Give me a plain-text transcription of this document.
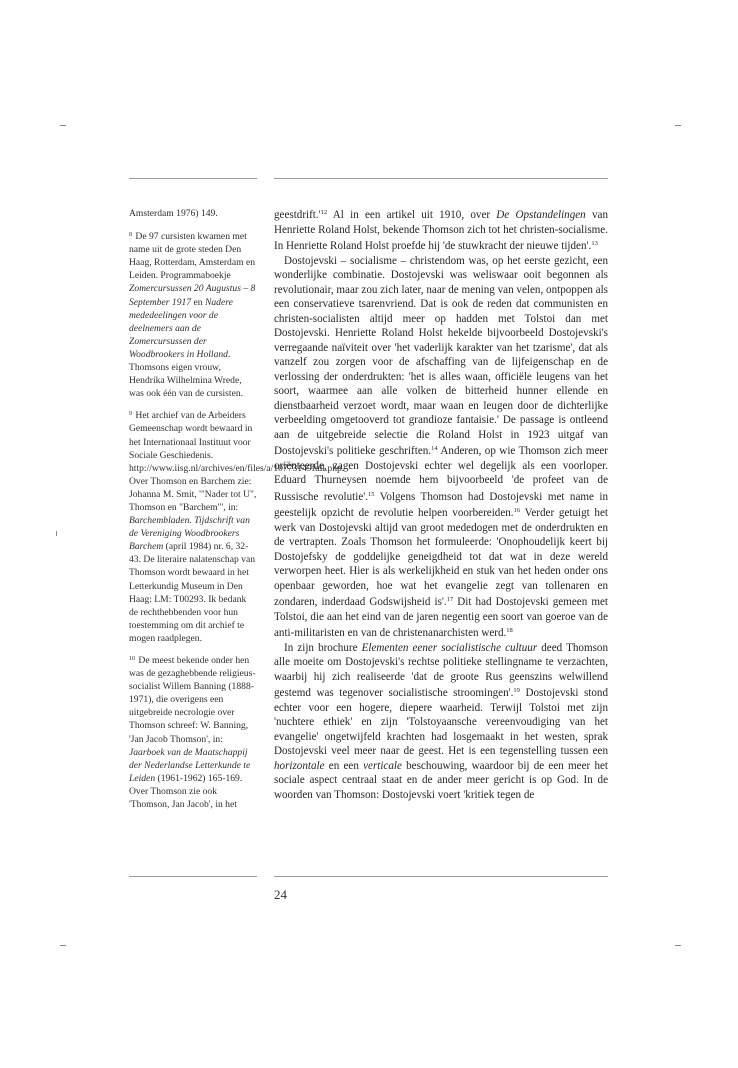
Amsterdam 1976) 149.
$^8$ De 97 cursisten kwamen met name uit de grote steden Den Haag, Rotterdam, Amsterdam en Leiden. Programmaboekje Zomercursussen 20 Augustus – 8 September 1917 en Nadere mededeelingen voor de deelnemers aan de Zomercursussen der Woodbrookers in Holland. Thomsons eigen vrouw, Hendrika Wilhelmina Wrede, was ook één van de cursisten.
$^9$ Het archief van de Arbeiders Gemeenschap wordt bewaard in het Internationaal Instituut voor Sociale Geschiedenis. http://www.iisg.nl/archives/en/files/a/10773149full.php. Over Thomson en Barchem zie: Johanna M. Smit, '"Nader tot U", Thomson en "Barchem"', in: Barchembladen. Tijdschrift van de Vereniging Woodbrookers Barchem (april 1984) nr. 6, 32-43. De literaire nalatenschap van Thomson wordt bewaard in het Letterkundig Museum in Den Haag: LM: T00293. Ik bedank de rechthebbenden voor hun toestemming om dit archief te mogen raadplegen.
$^{10}$ De meest bekende onder hen was de gezaghebbende religieus-socialist Willem Banning (1888-1971), die overigens een uitgebreide necrologie over Thomson schreef: W. Banning, 'Jan Jacob Thomson', in: Jaarboek van de Maatschappij der Nederlandse Letterkunde te Leiden (1961-1962) 165-169. Over Thomson zie ook 'Thomson, Jan Jacob', in het

$geestdrift.'^{12}$ Al in een artikel uit 1910, over De Opstandelingen van Henriette Roland Holst, bekende Thomson zich tot het christen-socialisme. In Henriette Roland Holst proefde hij 'de stuwkracht der nieuwe tijden'.$^{13}$

Dostojevski – socialisme – christendom was, op het eerste gezicht, een wonderlijke combinatie. Dostojevski was weliswaar ooit begonnen als revolutionair, maar zou zich later, naar de mening van velen, ontpoppen als een conservatieve tsarenvriend. Dat is ook de reden dat communisten en christen-socialisten altijd meer op hadden met Tolstoi dan met Dostojevski. Henriette Roland Holst hekelde bijvoorbeeld Dostojevski's verregaande naïviteit over 'het vaderlijk karakter van het tzarisme', dat als vanzelf zou zorgen voor de afschaffing van de lijfeigenschap en de verlossing der onderdrukten: 'het is alles waan, officiële leugens van het soort, waarmee aan alle volken de bitterheid hunner ellende en dienstbaarheid verzoet wordt, maar waan en leugen door de dichterlijke verbeelding omgetooverd tot grandioze fantaisie.' De passage is ontleend aan de uitgebreide selectie die Roland Holst in 1923 uitgaf van Dostojevski's politieke geschriften.$^{14}$ Anderen, op wie Thomson zich meer oriënteerde, zagen Dostojevski echter wel degelijk als een voorloper. Eduard Thurneysen noemde hem bijvoorbeeld 'de profeet van de Russische revolutie'.$^{15}$ Volgens Thomson had Dostojevski met name in geestelijk opzicht de revolutie helpen voorbereiden.$^{16}$ Verder getuigt het werk van Dostojevski altijd van groot mededogen met de onderdrukten en de vertrapten. Zoals Thomson het formuleerde: 'Onophoudelijk keert bij Dostojefsky de goddelijke geneigdheid tot dat wat in deze wereld verworpen heet. Hier is als werkelijkheid en stuk van het heden onder ons openbaar geworden, hoe wat het evangelie zegt van tollenaren en zondaren, inderdaad Godswijsheid is'.$^{17}$ Dit had Dostojevski gemeen met Tolstoi, die aan het eind van de jaren negentig een soort van goeroe van de anti-militaristen en van de christenanarchisten werd.$^{18}$

In zijn brochure Elementen eener socialistische cultuur deed Thomson alle moeite om Dostojevski's rechtse politieke stellingname te verzachten, waarbij hij zich realiseerde 'dat de groote Rus geenszins welwillend gestemd was tegenover socialistische stroomingen'.$^{19}$ Dostojevski stond echter voor een hogere, diepere waarheid. Terwijl Tolstoi met zijn 'nuchtere ethiek' en zijn 'Tolstoyaansche vereenvoudiging van het evangelie' ongetwijfeld krachten had losgemaakt in het westen, sprak Dostojevski veel meer naar de geest. Het is een tegenstelling tussen een horizontale en een verticale beschouwing, waardoor bij de een meer het sociale aspect centraal staat en de ander meer gericht is op God. In de woorden van Thomson: Dostojevski voert 'kritiek tegen de

24
